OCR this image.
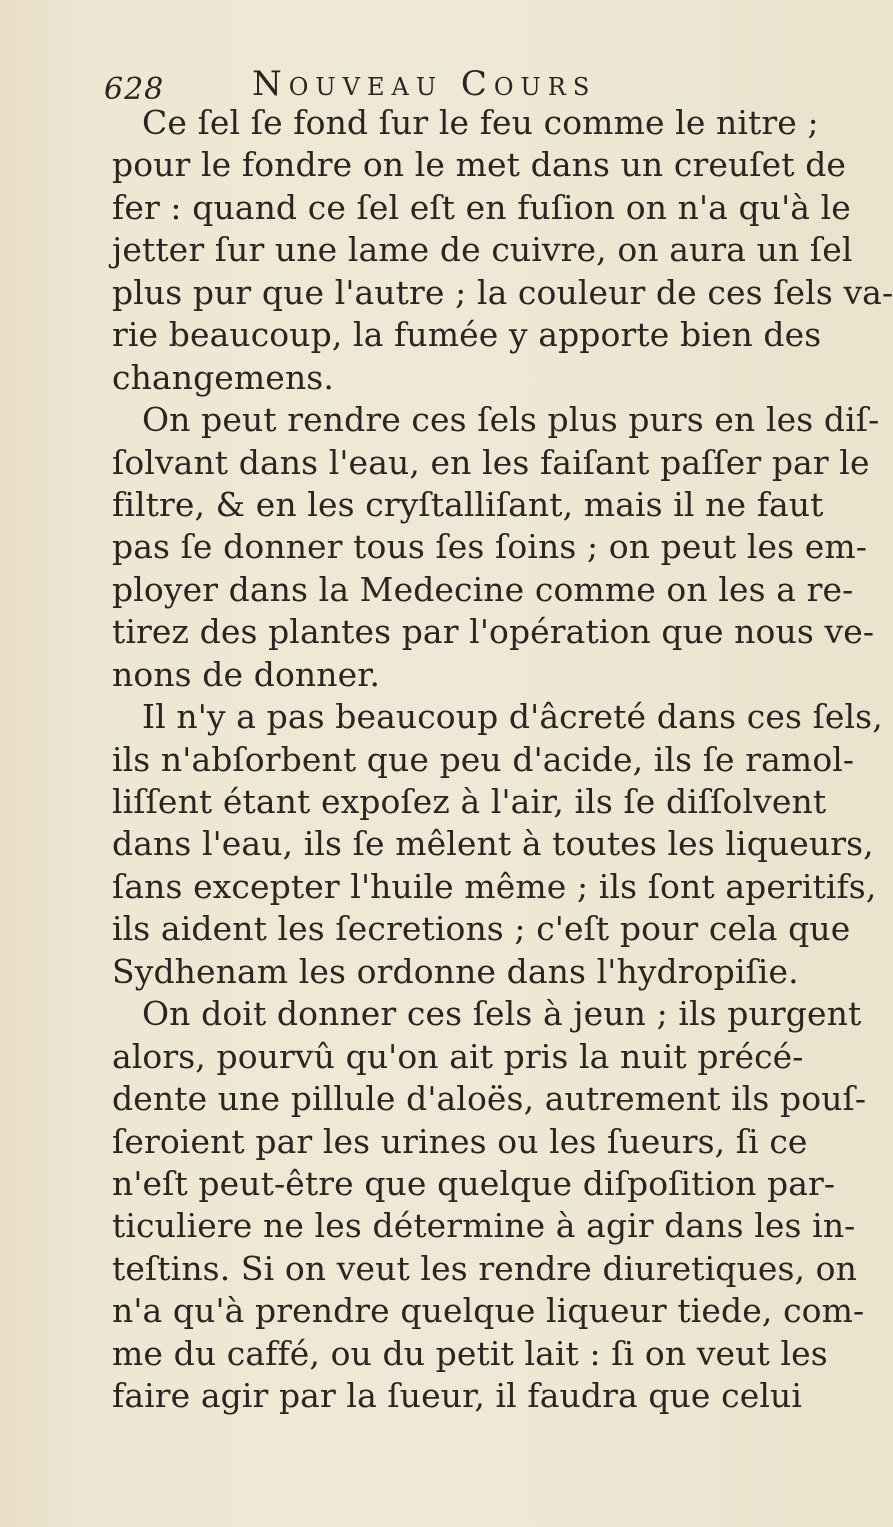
628	Nouveau Cours
Ce ſel ſe fond ſur le feu comme le nitre ;
pour le fondre on le met dans un creuſet de
fer : quand ce ſel eſt en fuſion on n'a qu'à le
jetter ſur une lame de cuivre, on aura un ſel
plus pur que l'autre ; la couleur de ces ſels va-
rie beaucoup, la fumée y apporte bien des
changemens.
On peut rendre ces ſels plus purs en les diſ-
ſolvant dans l'eau, en les faiſant paſſer par le
filtre, & en les cryſtalliſant, mais il ne faut
pas ſe donner tous ſes ſoins ; on peut les em-
ployer dans la Medecine comme on les a re-
tirez des plantes par l'opération que nous ve-
nons de donner.
Il n'y a pas beaucoup d'âcreté dans ces ſels,
ils n'abſorbent que peu d'acide, ils ſe ramol-
liſſent étant expoſez à l'air, ils ſe diſſolvent
dans l'eau, ils ſe mêlent à toutes les liqueurs,
ſans excepter l'huile même ; ils ſont aperitifs,
ils aident les ſecretions ; c'eſt pour cela que
Sydhenam les ordonne dans l'hydropiſie.
On doit donner ces ſels à jeun ; ils purgent
alors, pourvû qu'on ait pris la nuit précé-
dente une pillule d'aloës, autrement ils pouſ-
ſeroient par les urines ou les ſueurs, ſi ce
n'eſt peut-être que quelque diſpoſition par-
ticuliere ne les détermine à agir dans les in-
teſtins. Si on veut les rendre diuretiques, on
n'a qu'à prendre quelque liqueur tiede, com-
me du caffé, ou du petit lait : ſi on veut les
faire agir par la ſueur, il faudra que celui
